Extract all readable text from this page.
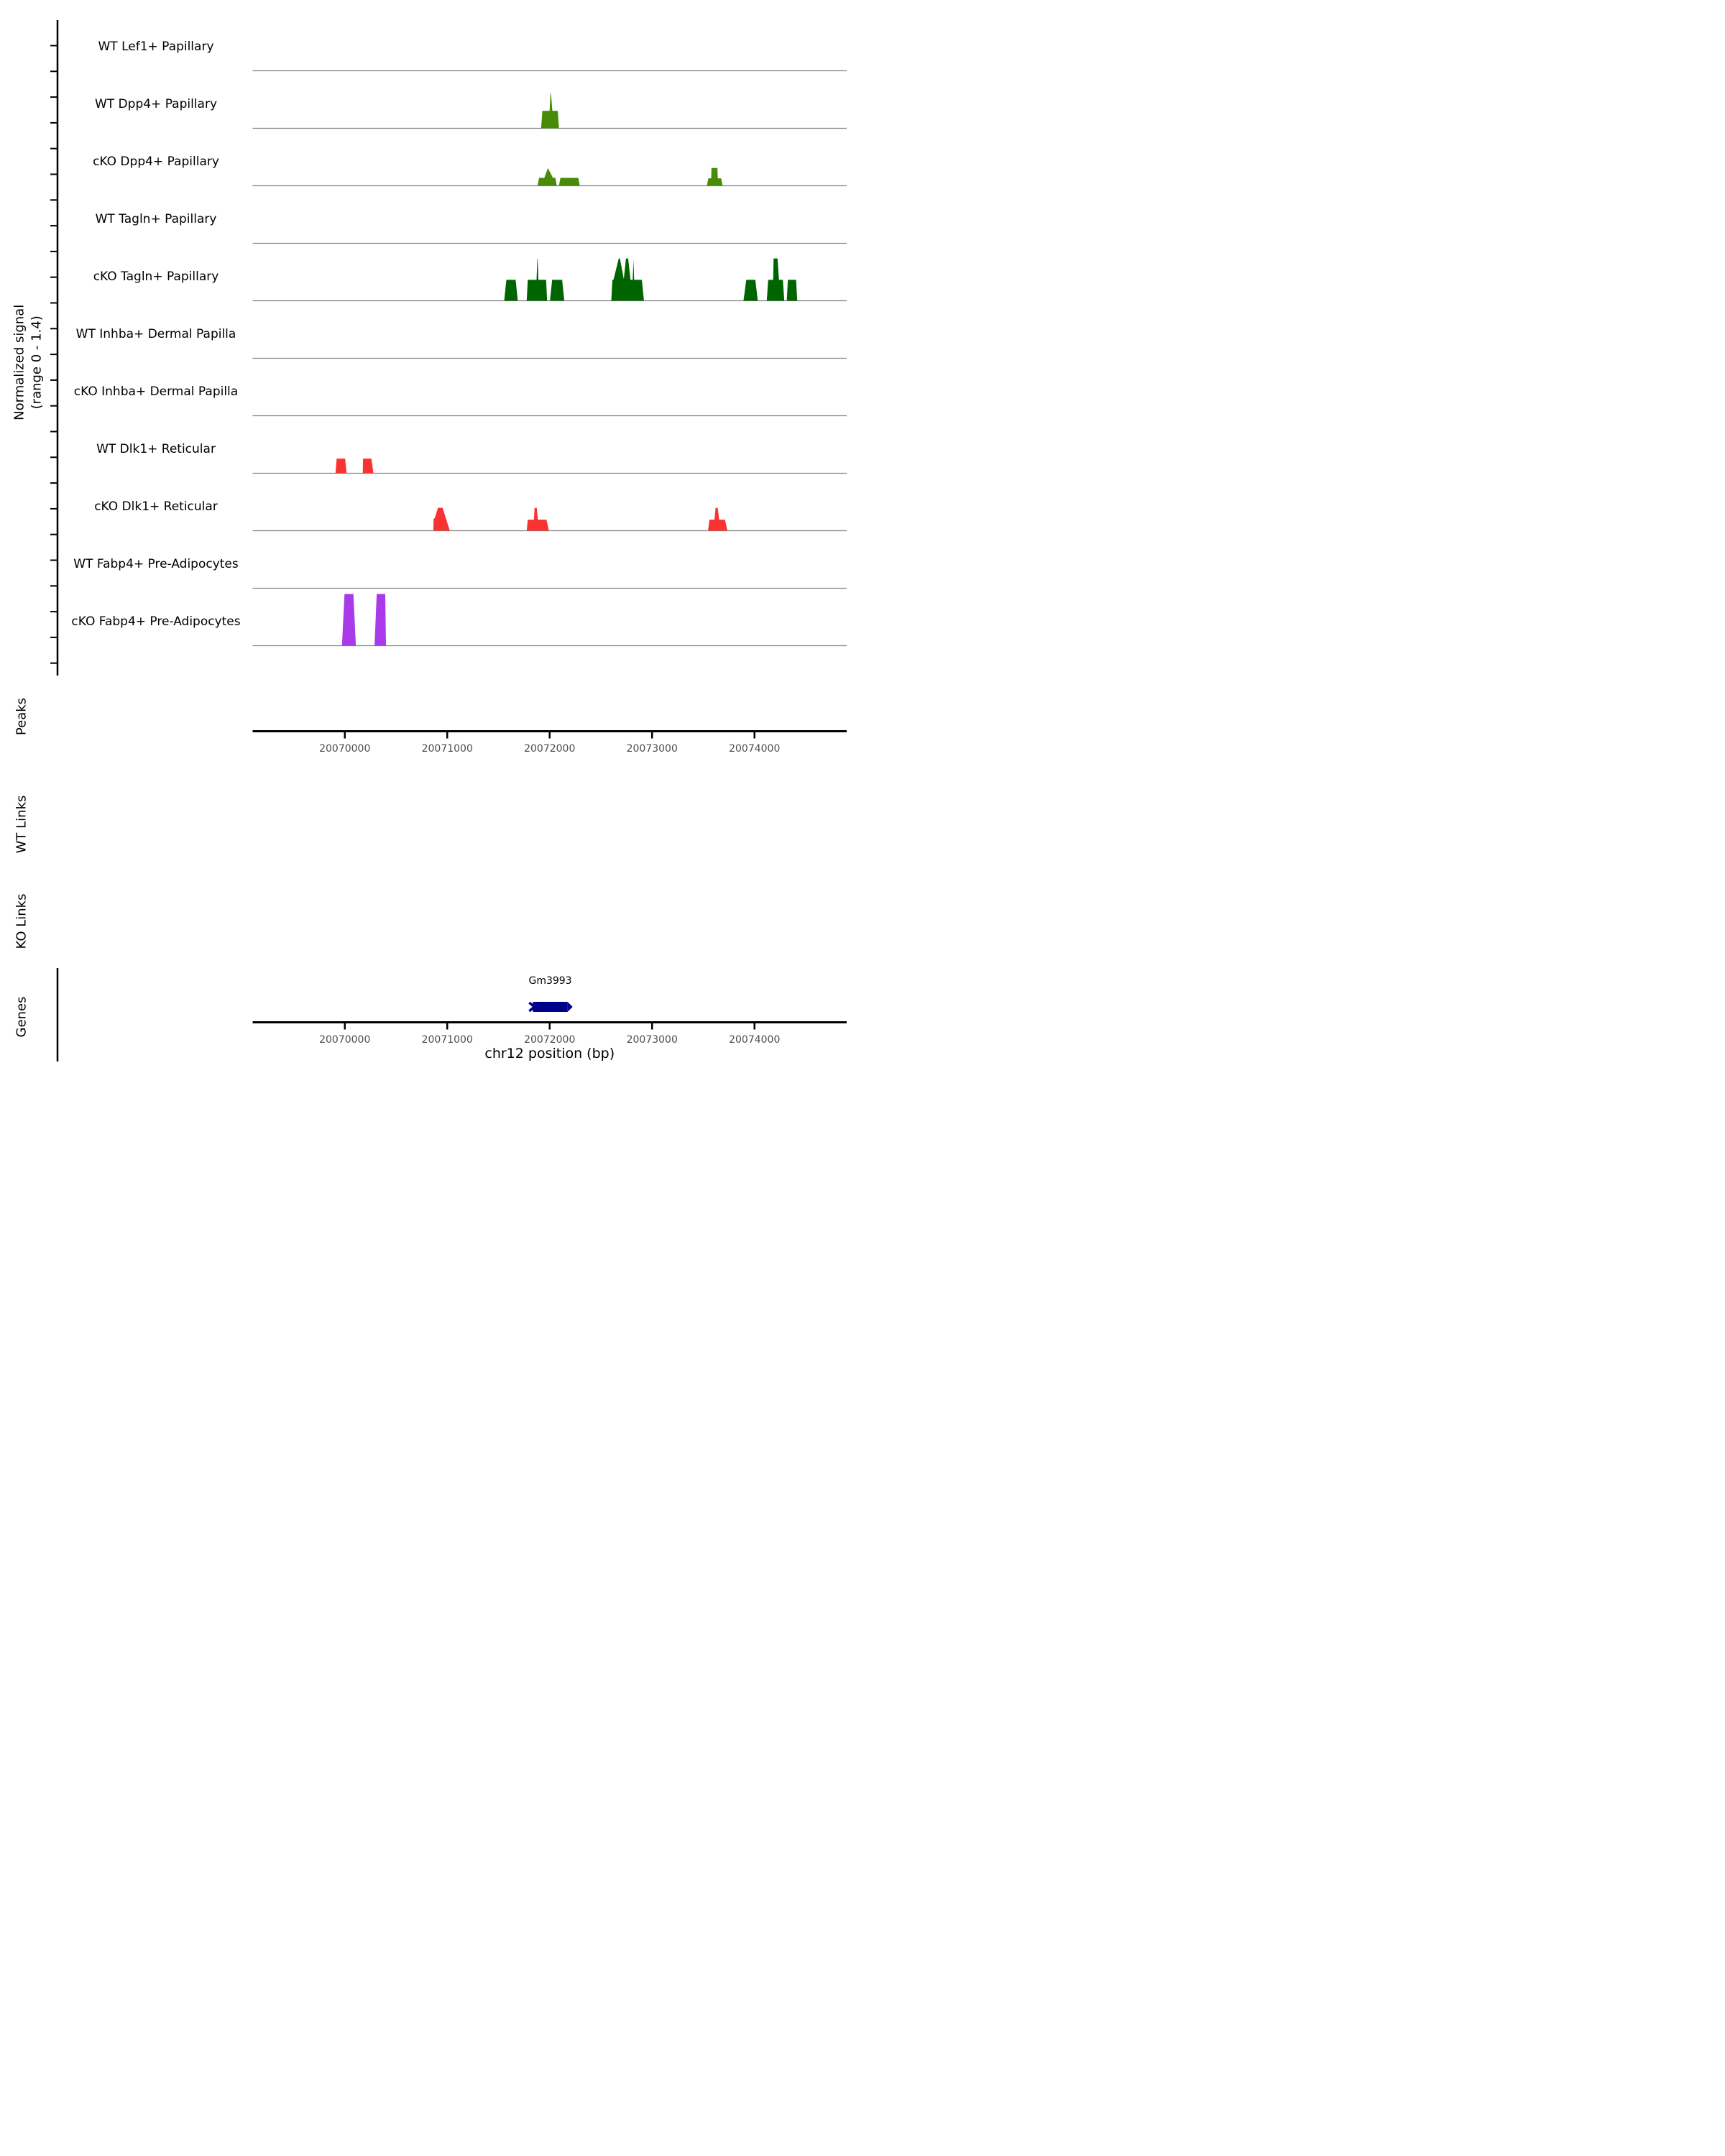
Normalized signal (range 0 - 1.4)
WT Lef1+ Papillary
WT Dpp4+ Papillary
cKO Dpp4+ Papillary
WT Tagln+ Papillary
cKO Tagln+ Papillary
WT Inhba+ Dermal Papilla
cKO Inhba+ Dermal Papilla
WT Dlk1+ Reticular
cKO Dlk1+ Reticular
WT Fabp4+ Pre-Adipocytes
cKO Fabp4+ Pre-Adipocytes
20070000	20071000	20072000	20073000	20074000
20070000	20071000	20072000	20073000	20074000
Peaks
WT Links
KO Links
Genes
Gm3993
chr12 position (bp)
